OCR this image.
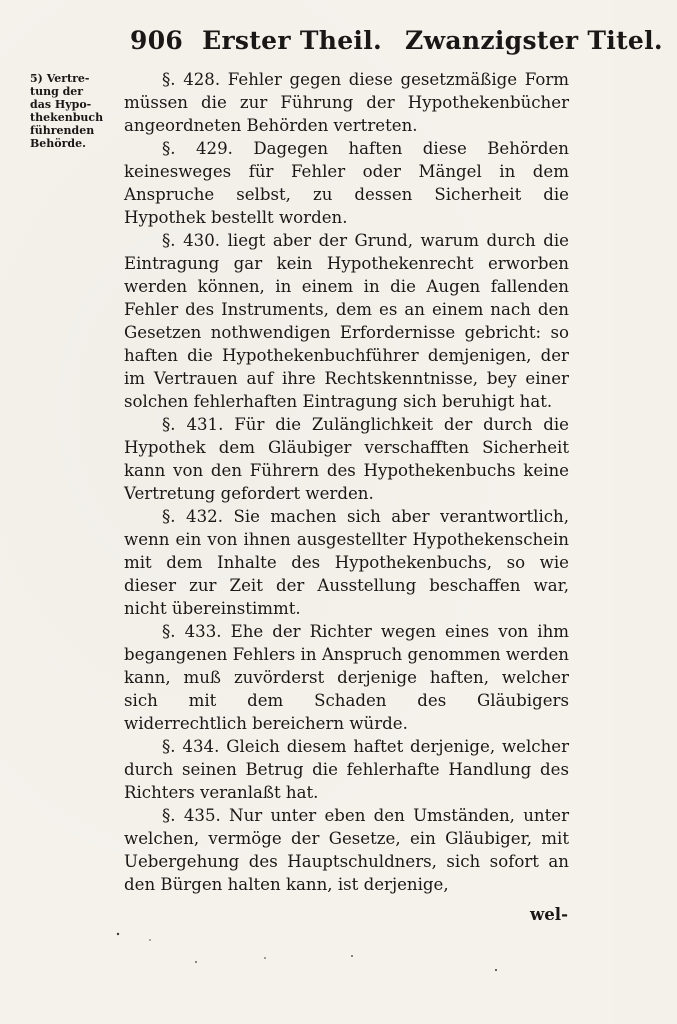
906 Erster Theil. Zwanzigster Titel.
5) Vertre-
tung der
das Hypo-
thekenbuch
führenden
Behörde.

§. 428. Fehler gegen diese gesetzmäßige Form müssen die zur Führung der Hypothekenbücher angeordneten Behörden vertreten.

§. 429. Dagegen haften diese Behörden keinesweges für Fehler oder Mängel in dem Anspruche selbst, zu dessen Sicherheit die Hypothek bestellt worden.

§. 430. liegt aber der Grund, warum durch die Eintragung gar kein Hypothekenrecht erworben werden können, in einem in die Augen fallenden Fehler des Instruments, dem es an einem nach den Gesetzen nothwendigen Erfordernisse gebricht: so haften die Hypothekenbuchführer demjenigen, der im Vertrauen auf ihre Rechtskenntnisse, bey einer solchen fehlerhaften Eintragung sich beruhigt hat.

§. 431. Für die Zulänglichkeit der durch die Hypothek dem Gläubiger verschafften Sicherheit kann von den Führern des Hypothekenbuchs keine Vertretung gefordert werden.

§. 432. Sie machen sich aber verantwortlich, wenn ein von ihnen ausgestellter Hypothekenschein mit dem Inhalte des Hypothekenbuchs, so wie dieser zur Zeit der Ausstellung beschaffen war, nicht übereinstimmt.

§. 433. Ehe der Richter wegen eines von ihm begangenen Fehlers in Anspruch genommen werden kann, muß zuvörderst derjenige haften, welcher sich mit dem Schaden des Gläubigers widerrechtlich bereichern würde.

§. 434. Gleich diesem haftet derjenige, welcher durch seinen Betrug die fehlerhafte Handlung des Richters veranlaßt hat.

§. 435. Nur unter eben den Umständen, unter welchen, vermöge der Gesetze, ein Gläubiger, mit Uebergehung des Hauptschuldners, sich sofort an den Bürgen halten kann, ist derjenige,

wel-
